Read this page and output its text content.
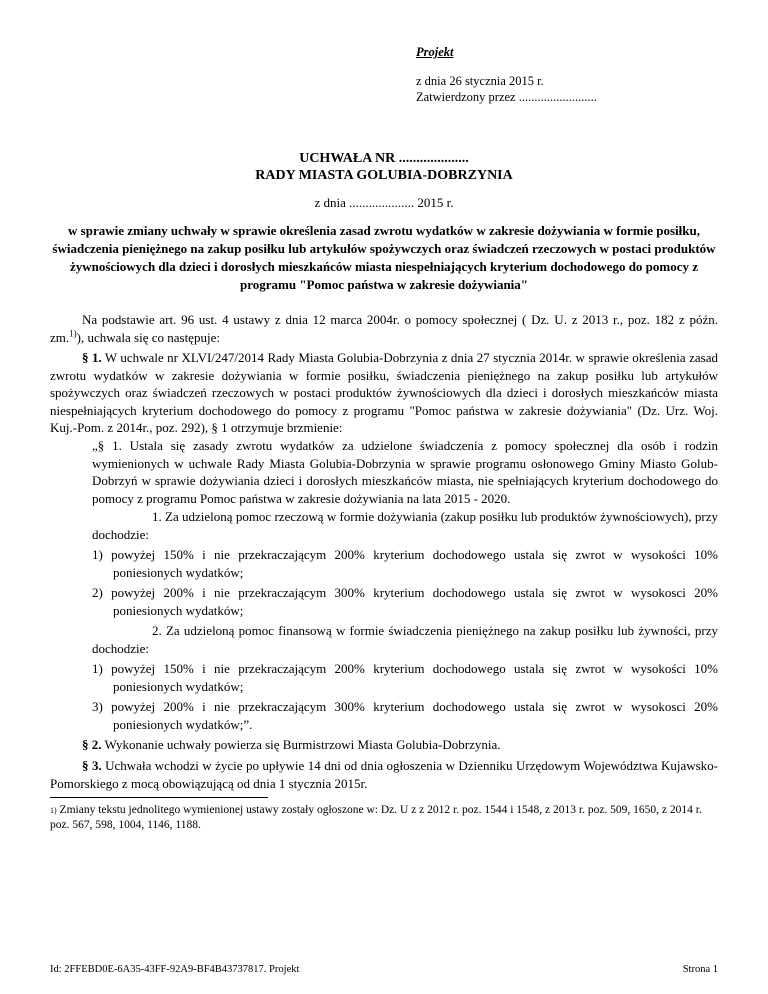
Projekt
z dnia 26 stycznia 2015 r.
Zatwierdzony przez .........................
UCHWAŁA NR ....................
RADY MIASTA GOLUBIA-DOBRZYNIA
z dnia .................... 2015 r.
w sprawie zmiany uchwały w sprawie określenia zasad zwrotu wydatków w zakresie dożywiania w formie posiłku, świadczenia pieniężnego na zakup posiłku lub artykułów spożywczych oraz świadczeń rzeczowych w postaci produktów żywnościowych dla dzieci i dorosłych mieszkańców miasta niespełniających kryterium dochodowego do pomocy z programu "Pomoc państwa w zakresie dożywiania"

Na podstawie art. 96 ust. 4 ustawy z dnia 12 marca 2004r. o pomocy społecznej ( Dz. U. z 2013 r., poz. 182 z późn. zm.$^{1)}$), uchwala się co następuje:

§ 1. W uchwale nr XLVI/247/2014 Rady Miasta Golubia-Dobrzynia z dnia 27 stycznia 2014r. w sprawie określenia zasad zwrotu wydatków w zakresie dożywiania w formie posiłku, świadczenia pieniężnego na zakup posiłku lub artykułów spożywczych oraz świadczeń rzeczowych w postaci produktów żywnościowych dla dzieci i dorosłych mieszkańców miasta niespełniających kryterium dochodowego do pomocy z programu "Pomoc państwa w zakresie dożywiania" (Dz. Urz. Woj. Kuj.-Pom. z 2014r., poz. 292), § 1 otrzymuje brzmienie:

„§ 1. Ustala się zasady zwrotu wydatków za udzielone świadczenia z pomocy społecznej dla osób i rodzin wymienionych w uchwale Rady Miasta Golubia-Dobrzynia w sprawie programu osłonowego Gminy Miasto Golub-Dobrzyń w sprawie dożywiania dzieci i dorosłych mieszkańców miasta, nie spełniających kryterium dochodowego do pomocy z programu Pomoc państwa w zakresie dożywiania na lata 2015 - 2020.

1. Za udzieloną pomoc rzeczową w formie dożywiania (zakup posiłku lub produktów żywnościowych), przy dochodzie:

1) powyżej 150% i nie przekraczającym 200% kryterium dochodowego ustala się zwrot w wysokości 10% poniesionych wydatków;

2) powyżej 200% i nie przekraczającym 300% kryterium dochodowego ustala się zwrot w wysokosci 20% poniesionych wydatków;

2. Za udzieloną pomoc finansową w formie świadczenia pieniężnego na zakup posiłku lub żywności, przy dochodzie:

1) powyżej 150% i nie przekraczającym 200% kryterium dochodowego ustala się zwrot w wysokości 10% poniesionych wydatków;

3) powyżej 200% i nie przekraczającym 300% kryterium dochodowego ustala się zwrot w wysokosci 20% poniesionych wydatków;”.

§ 2. Wykonanie uchwały powierza się Burmistrzowi Miasta Golubia-Dobrzynia.

§ 3. Uchwała wchodzi w życie po upływie 14 dni od dnia ogłoszenia w Dzienniku Urzędowym Województwa Kujawsko-Pomorskiego z mocą obowiązującą od dnia 1 stycznia 2015r.

$^{1)}$ Zmiany tekstu jednolitego wymienionej ustawy zostały ogłoszone w: Dz. U z z 2012 r. poz. 1544 i 1548, z 2013 r. poz. 509, 1650, z 2014 r. poz. 567, 598, 1004, 1146, 1188.
Id: 2FFEBD0E-6A35-43FF-92A9-BF4B43737817. Projekt	Strona 1
